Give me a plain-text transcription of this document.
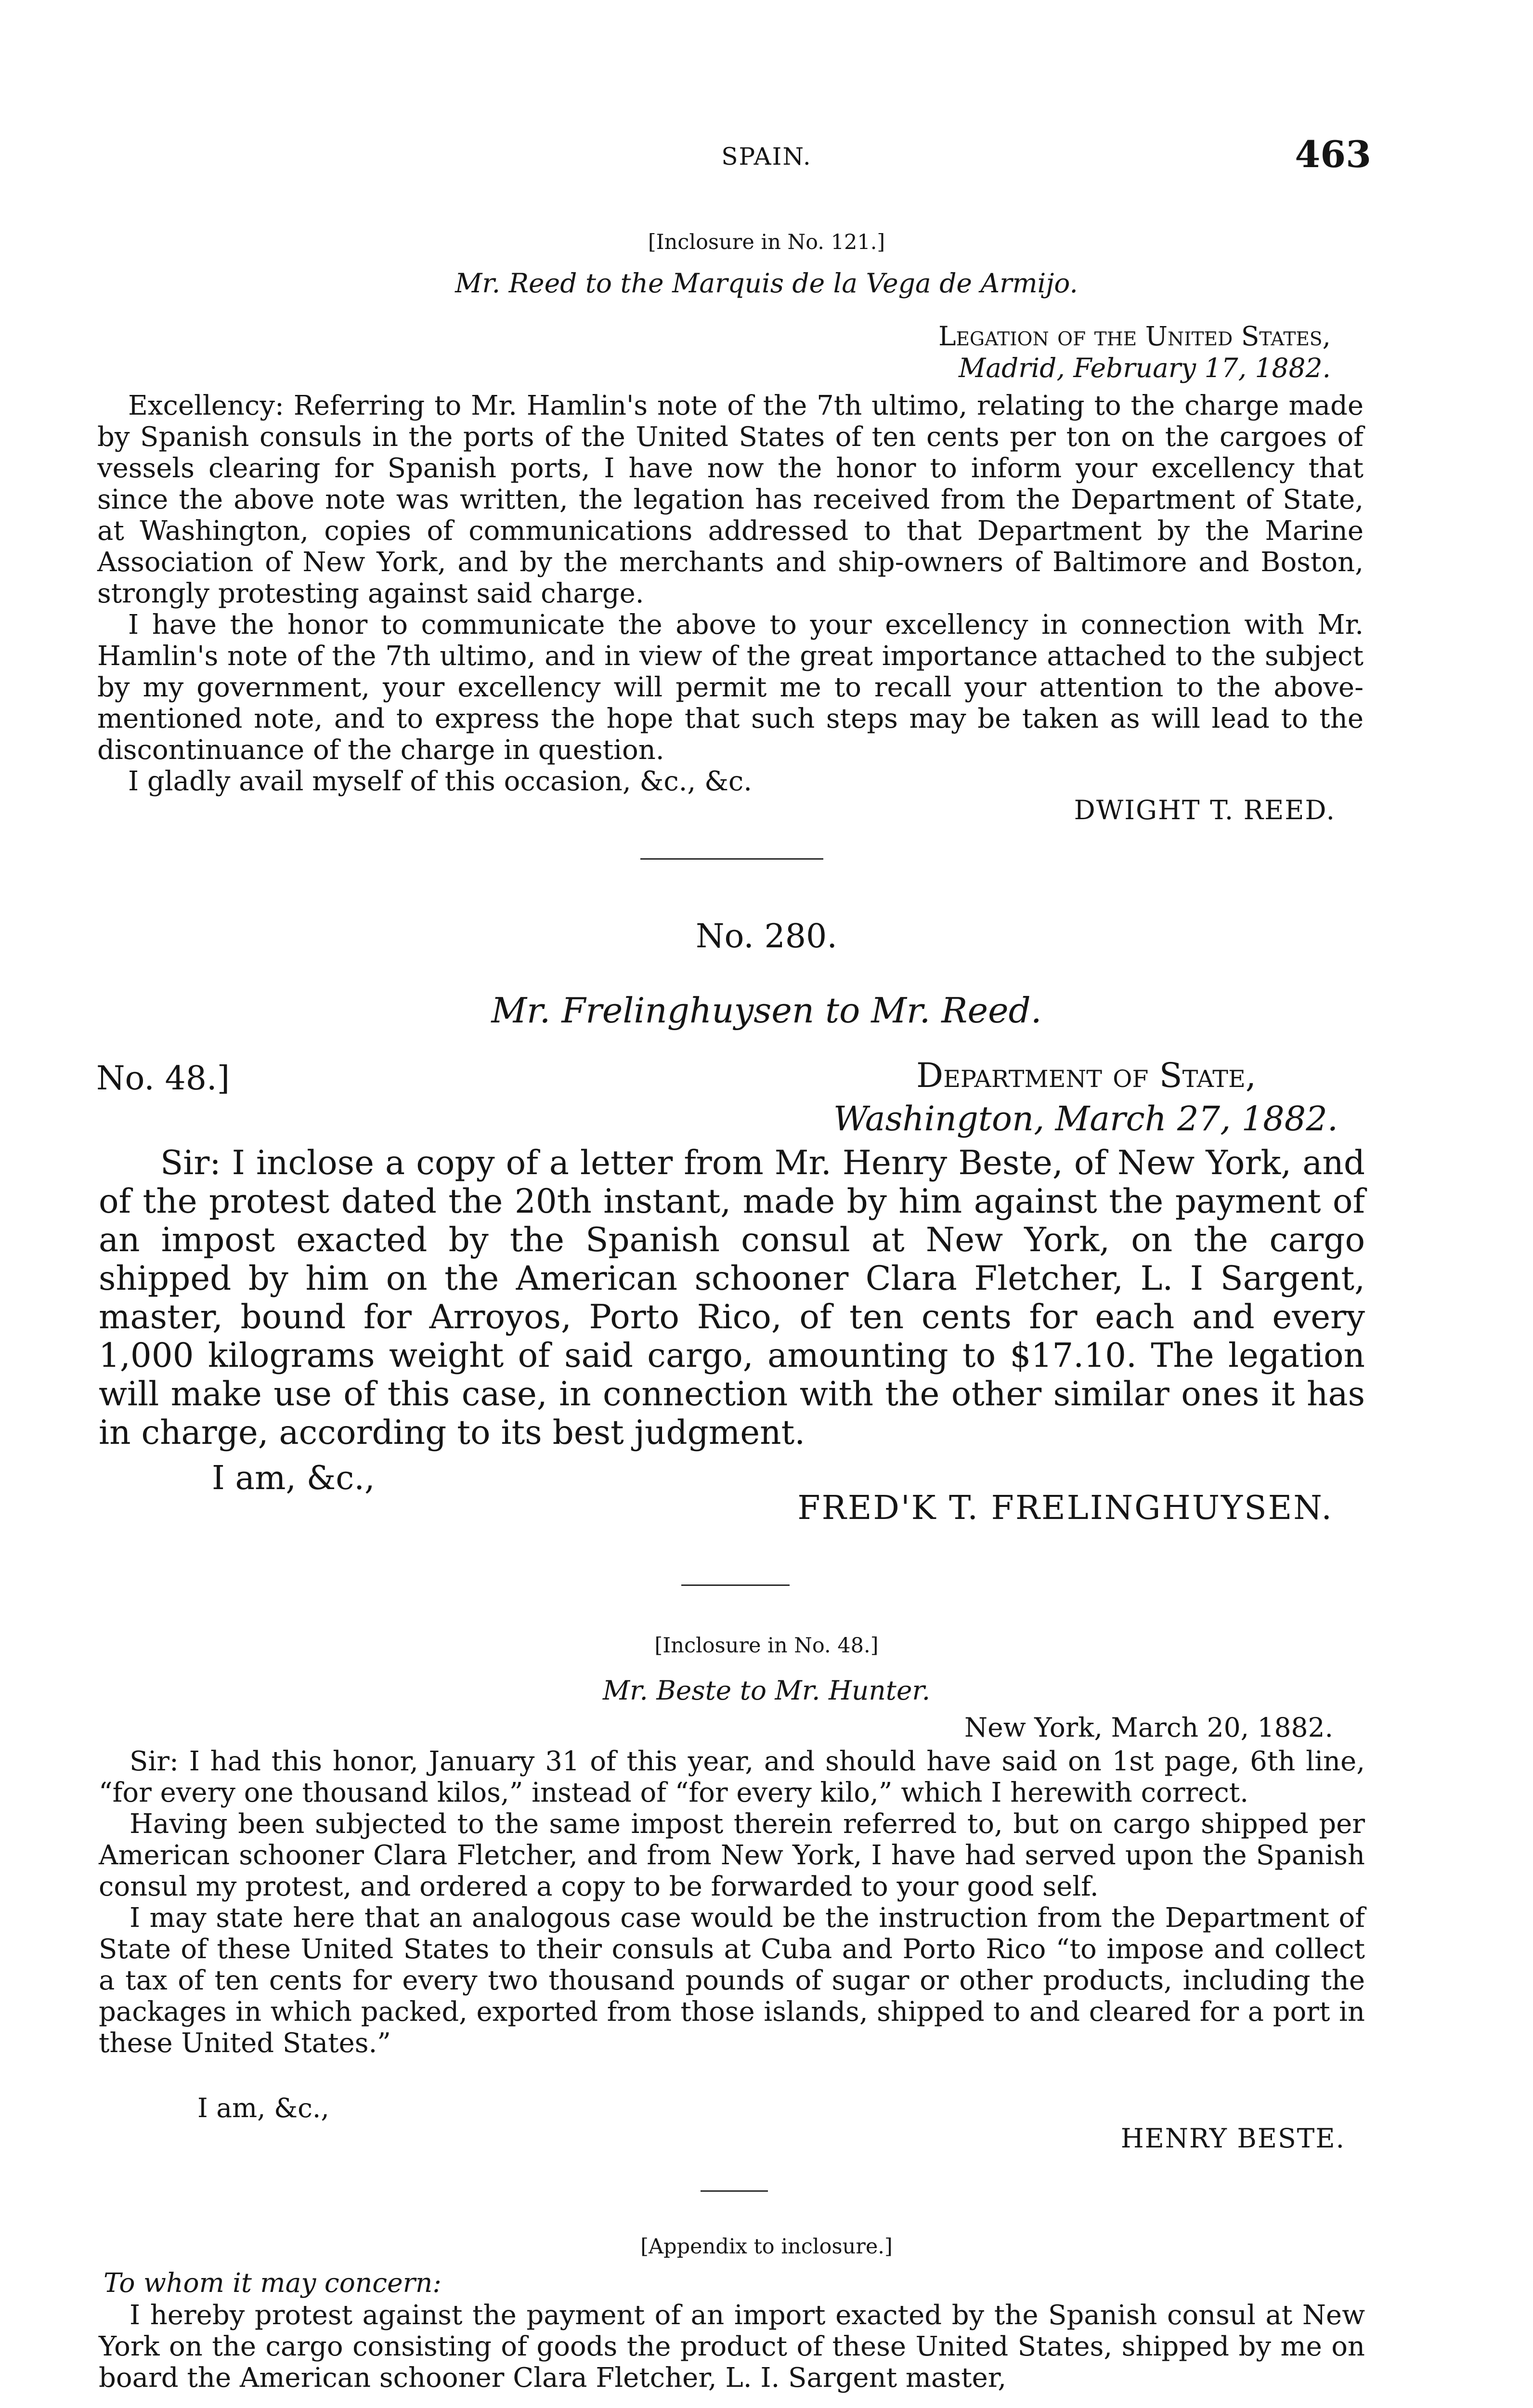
SPAIN.	463
[Inclosure in No. 121.]
Mr. Reed to the Marquis de la Vega de Armijo.
Legation of the United States,
Madrid, February 17, 1882.

Excellency: Referring to Mr. Hamlin's note of the 7th ultimo, relating to the charge made by Spanish consuls in the ports of the United States of ten cents per ton on the cargoes of vessels clearing for Spanish ports, I have now the honor to inform your excellency that since the above note was written, the legation has received from the Department of State, at Washington, copies of communications addressed to that Department by the Marine Association of New York, and by the merchants and ship-owners of Baltimore and Boston, strongly protesting against said charge.

I have the honor to communicate the above to your excellency in connection with Mr. Hamlin's note of the 7th ultimo, and in view of the great importance attached to the subject by my government, your excellency will permit me to recall your attention to the above-mentioned note, and to express the hope that such steps may be taken as will lead to the discontinuance of the charge in question.

I gladly avail myself of this occasion, &c., &c.

DWIGHT T. REED.
No. 280.
Mr. Frelinghuysen to Mr. Reed.
No. 48.]	Department of State,
Washington, March 27, 1882.

Sir: I inclose a copy of a letter from Mr. Henry Beste, of New York, and of the protest dated the 20th instant, made by him against the payment of an impost exacted by the Spanish consul at New York, on the cargo shipped by him on the American schooner Clara Fletcher, L. I Sargent, master, bound for Arroyos, Porto Rico, of ten cents for each and every 1,000 kilograms weight of said cargo, amounting to $17.10. The legation will make use of this case, in connection with the other similar ones it has in charge, according to its best judgment.

I am, &c.,
FRED'K T. FRELINGHUYSEN.
[Inclosure in No. 48.]
Mr. Beste to Mr. Hunter.
New York, March 20, 1882.

Sir: I had this honor, January 31 of this year, and should have said on 1st page, 6th line, “for every one thousand kilos,” instead of “for every kilo,” which I herewith correct.

Having been subjected to the same impost therein referred to, but on cargo shipped per American schooner Clara Fletcher, and from New York, I have had served upon the Spanish consul my protest, and ordered a copy to be forwarded to your good self.

I may state here that an analogous case would be the instruction from the Department of State of these United States to their consuls at Cuba and Porto Rico “to impose and collect a tax of ten cents for every two thousand pounds of sugar or other products, including the packages in which packed, exported from those islands, shipped to and cleared for a port in these United States.”

I am, &c.,
HENRY BESTE.
[Appendix to inclosure.]
To whom it may concern:

I hereby protest against the payment of an import exacted by the Spanish consul at New York on the cargo consisting of goods the product of these United States, shipped by me on board the American schooner Clara Fletcher, L. I. Sargent master,
